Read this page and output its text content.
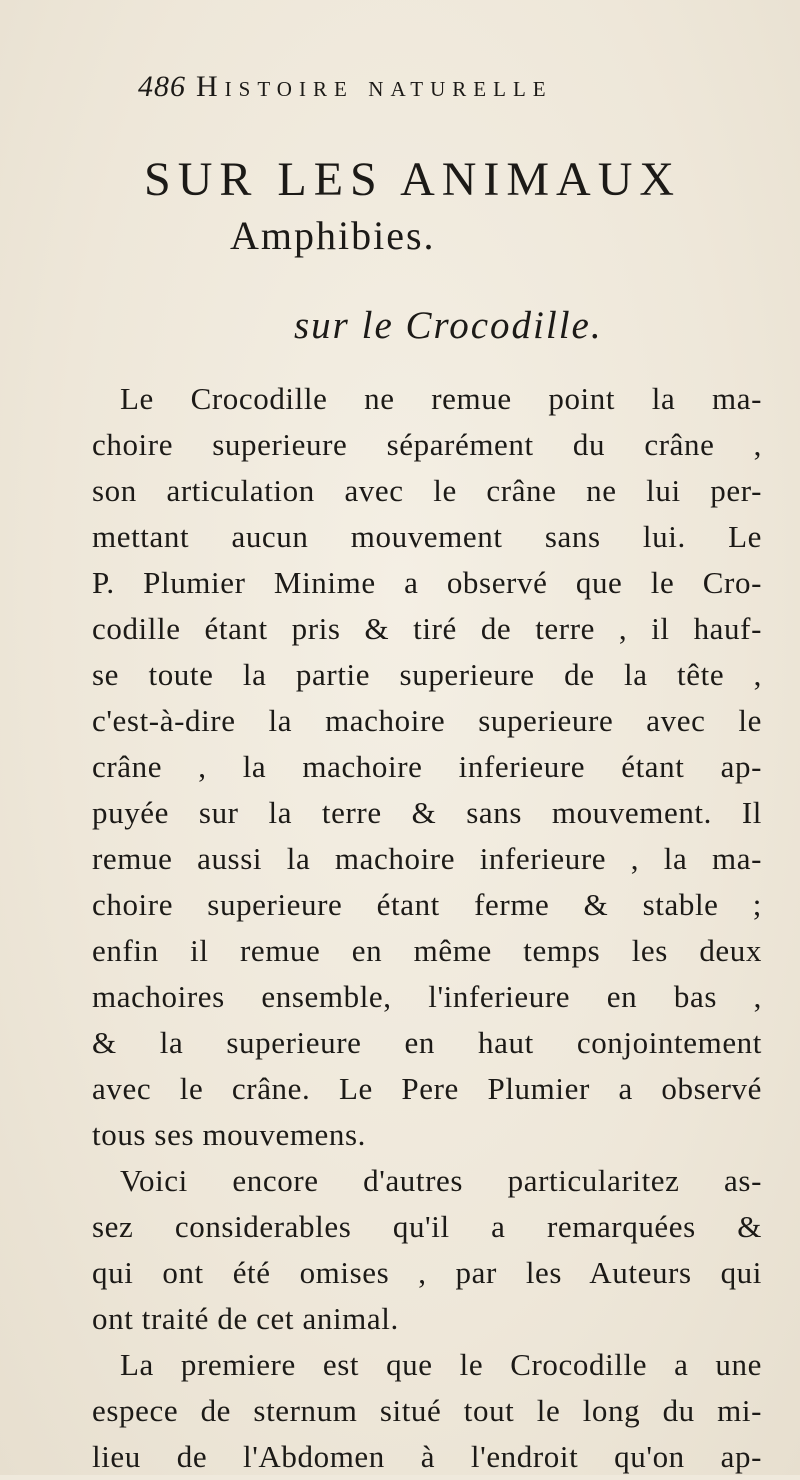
486 Histoire naturelle
SUR LES ANIMAUX
Amphibies.
sur le Crocodille.
Le Crocodille ne remue point la ma-
choire superieure séparément du crâne ,
son articulation avec le crâne ne lui per-
mettant aucun mouvement sans lui. Le
P. Plumier Minime a observé que le Cro-
codille étant pris & tiré de terre , il hauf-
se toute la partie superieure de la tête ,
c'est-à-dire la machoire superieure avec le
crâne , la machoire inferieure étant ap-
puyée sur la terre & sans mouvement. Il
remue aussi la machoire inferieure , la ma-
choire superieure étant ferme & stable ;
enfin il remue en même temps les deux
machoires ensemble, l'inferieure en bas ,
& la superieure en haut conjointement
avec le crâne. Le Pere Plumier a observé
tous ses mouvemens.
Voici encore d'autres particularitez as-
sez considerables qu'il a remarquées &
qui ont été omises , par les Auteurs qui
ont traité de cet animal.
La premiere est que le Crocodille a une
espece de sternum situé tout le long du mi-
lieu de l'Abdomen à l'endroit qu'on ap-
